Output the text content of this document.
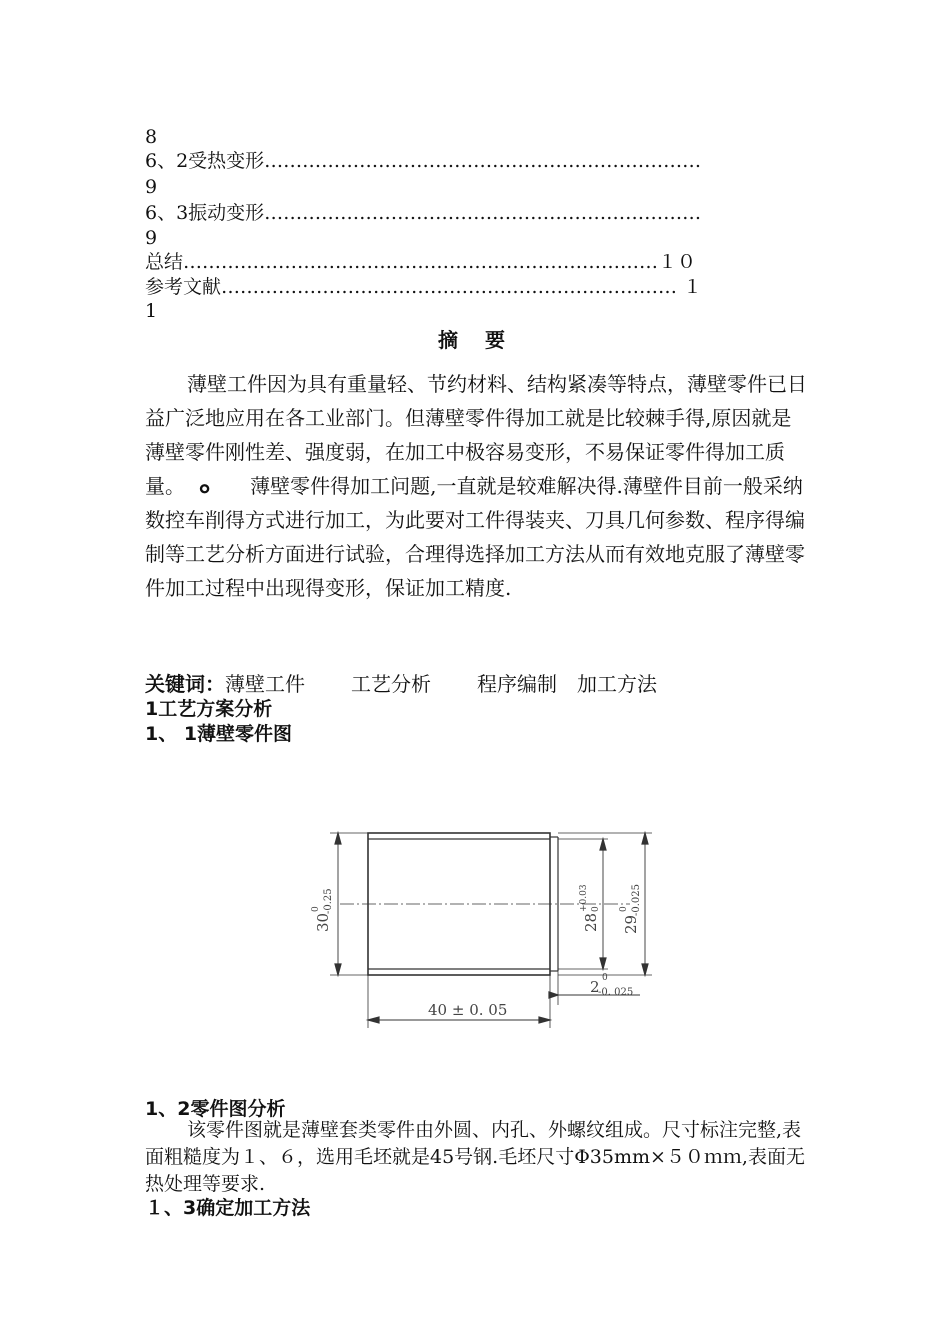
8
6、2受热变形……………………………………………………………
9
6、3振动变形……………………………………………………………
9
总结…………………………………………………………………１０
参考文献……………………………………………………………… １
1
摘　 要
薄壁工件因为具有重量轻、节约材料、结构紧凑等特点，薄壁零件已日益广泛地应用在各工业部门。但薄壁零件得加工就是比较棘手得,原因就是薄壁零件刚性差、强度弱，在加工中极容易变形，不易保证零件得加工质量。 ܘ 薄壁零件得加工问题,一直就是较难解决得.薄壁件目前一般采纳数控车削得方式进行加工，为此要对工件得装夹、刀具几何参数、程序得编制等工艺分析方面进行试验，合理得选择加工方法从而有效地克服了薄壁零件加工过程中出现得变形，保证加工精度.
关键词：薄壁工件 工艺分析 程序编制 加工方法
1工艺方案分析
1、 1薄壁零件图
30
0 -0.25
28
+0.03 0
29
0 -0.025
40 ± 0. 05
2 0
-0. 025
1、2零件图分析
该零件图就是薄壁套类零件由外圆、内孔、外螺纹组成。尺寸标注完整,表面粗糙度为１、６，选用毛坯就是45号钢.毛坯尺寸Φ35mm×５０ｍｍ,表面无热处理等要求.
１、3确定加工方法
